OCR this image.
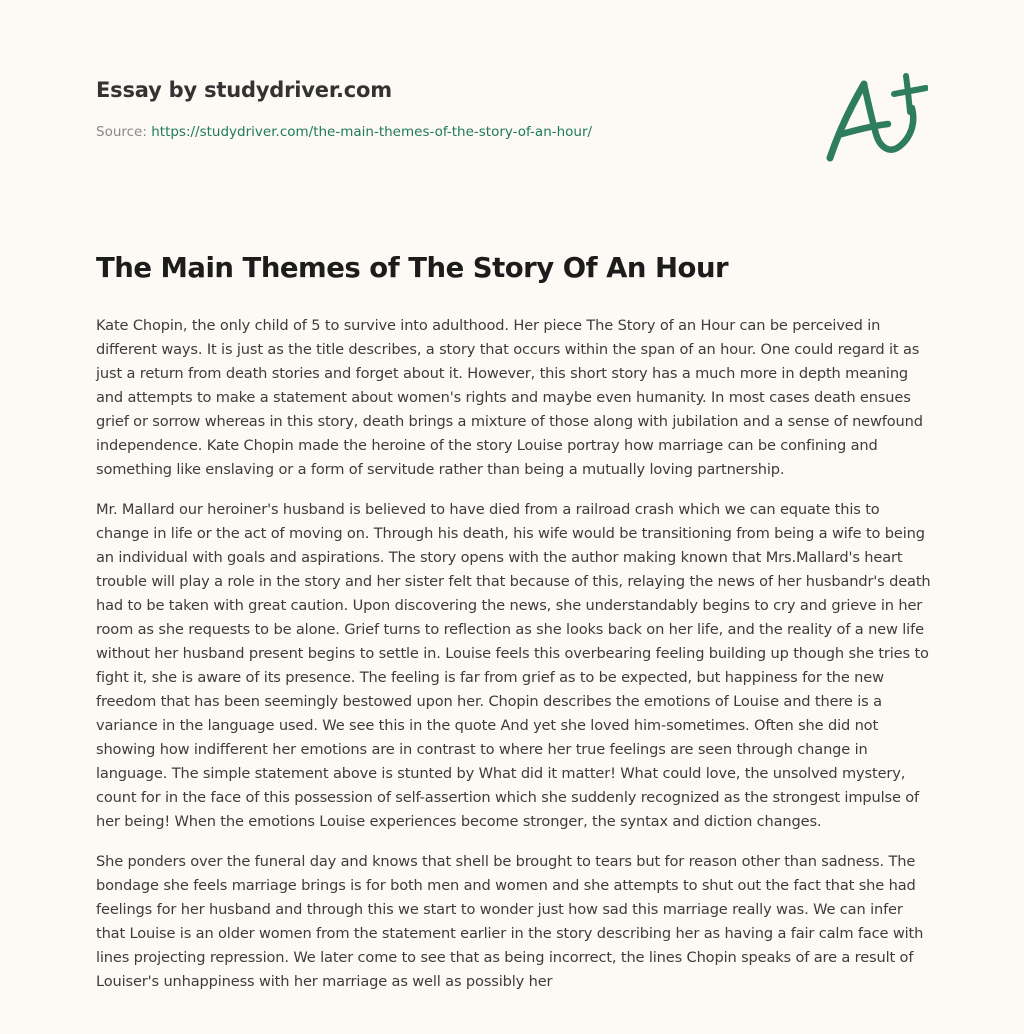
Essay by studydriver.com
Source: https://studydriver.com/the-main-themes-of-the-story-of-an-hour/
The Main Themes of The Story Of An Hour

Kate Chopin, the only child of 5 to survive into adulthood. Her piece The Story of an Hour can be perceived in different ways. It is just as the title describes, a story that occurs within the span of an hour. One could regard it as just a return from death stories and forget about it. However, this short story has a much more in depth meaning and attempts to make a statement about women's rights and maybe even humanity. In most cases death ensues grief or sorrow whereas in this story, death brings a mixture of those along with jubilation and a sense of newfound independence. Kate Chopin made the heroine of the story Louise portray how marriage can be confining and something like enslaving or a form of servitude rather than being a mutually loving partnership.

Mr. Mallard our heroiner's husband is believed to have died from a railroad crash which we can equate this to change in life or the act of moving on. Through his death, his wife would be transitioning from being a wife to being an individual with goals and aspirations. The story opens with the author making known that Mrs.Mallard's heart trouble will play a role in the story and her sister felt that because of this, relaying the news of her husbandr's death had to be taken with great caution. Upon discovering the news, she understandably begins to cry and grieve in her room as she requests to be alone. Grief turns to reflection as she looks back on her life, and the reality of a new life without her husband present begins to settle in. Louise feels this overbearing feeling building up though she tries to fight it, she is aware of its presence. The feeling is far from grief as to be expected, but happiness for the new freedom that has been seemingly bestowed upon her. Chopin describes the emotions of Louise and there is a variance in the language used. We see this in the quote And yet she loved him-sometimes. Often she did not showing how indifferent her emotions are in contrast to where her true feelings are seen through change in language. The simple statement above is stunted by What did it matter! What could love, the unsolved mystery, count for in the face of this possession of self-assertion which she suddenly recognized as the strongest impulse of her being! When the emotions Louise experiences become stronger, the syntax and diction changes.

She ponders over the funeral day and knows that shell be brought to tears but for reason other than sadness. The bondage she feels marriage brings is for both men and women and she attempts to shut out the fact that she had feelings for her husband and through this we start to wonder just how sad this marriage really was. We can infer that Louise is an older women from the statement earlier in the story describing her as having a fair calm face with lines projecting repression. We later come to see that as being incorrect, the lines Chopin speaks of are a result of Louiser's unhappiness with her marriage as well as possibly her
